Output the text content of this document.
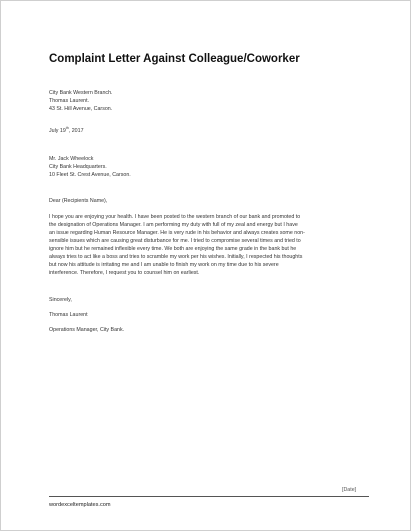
Complaint Letter Against Colleague/Coworker
City Bank Western Branch.
Thomas Laurent.
43 St. Hill Avenue, Carson.
July 19th, 2017
Mr. Jack Wheelock
City Bank Headquarters.
10 Fleet St. Crest Avenue, Carson.
Dear (Recipients Name),
I hope you are enjoying your health. I have been posted to the western branch of our bank and promoted to
the designation of Operations Manager. I am performing my duty with full of my zeal and energy but I have
an issue regarding Human Resource Manager. He is very rude in his behavior and always creates some non-
sensible issues which are causing great disturbance for me. I tried to compromise several times and tried to
ignore him but he remained inflexible every time. We both are enjoying the same grade in the bank but he
always tries to act like a boss and tries to scramble my work per his wishes. Initially, I respected his thoughts
but now his attitude is irritating me and I am unable to finish my work on my time due to his severe
interference. Therefore, I request you to counsel him on earliest.
Sincerely,
Thomas Laurent
Operations Manager, City Bank.
[Date]
wordexceltemplates.com
